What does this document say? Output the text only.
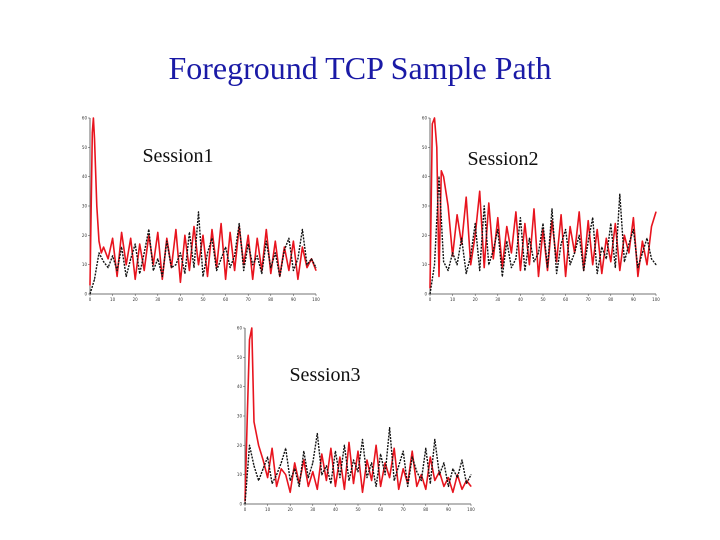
Foreground TCP Sample Path
0	10	20	30	40	50	60	70	80	90	100
0
10
20
30
40
50
60
Session1
0	10	20	30	40	50	60	70	80	90	100
0
10
20
30
40
50
60
Session2
0	10	20	30	40	50	60	70	80	90	100
0
10
20
30
40
50
60
Session3
